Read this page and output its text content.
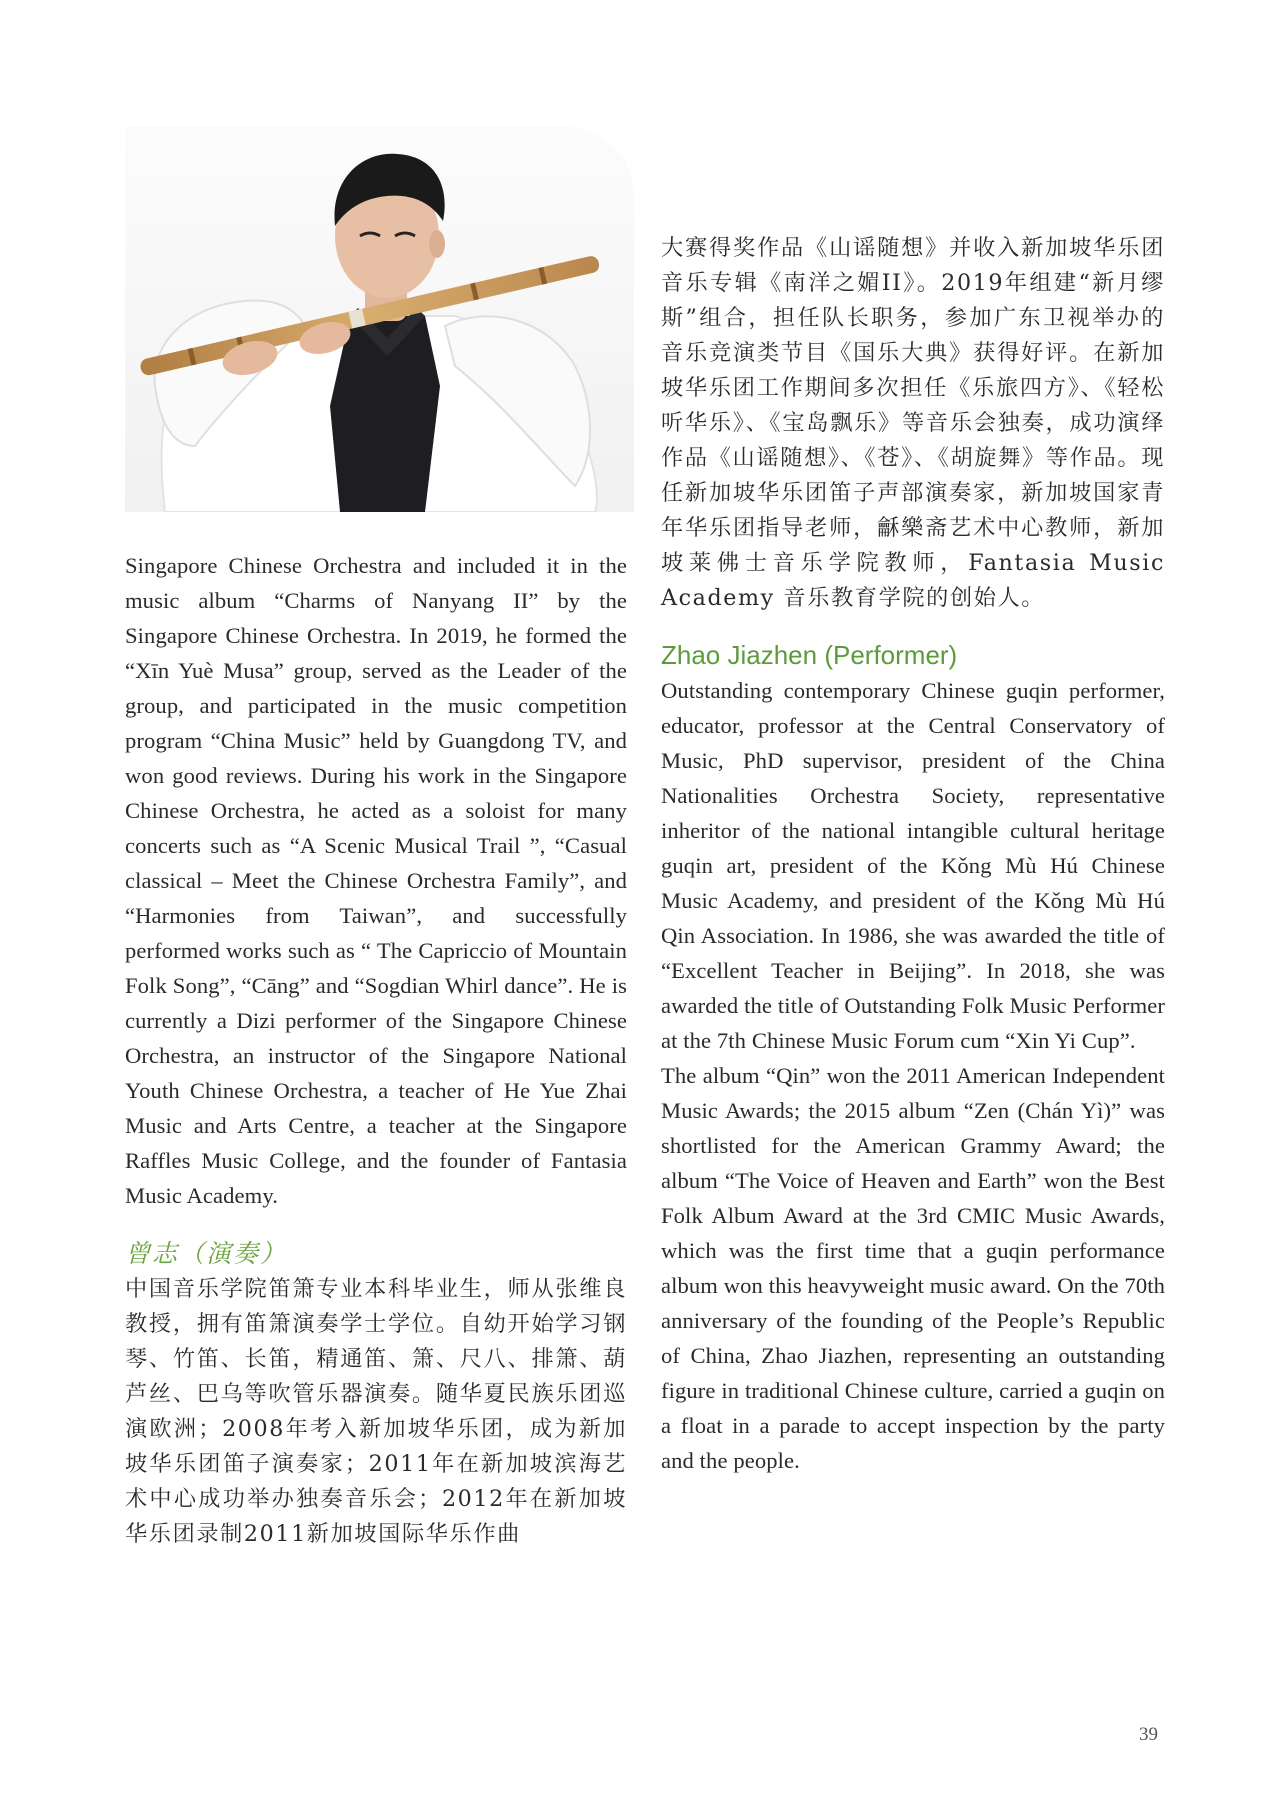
Singapore Chinese Orchestra and included it in the music album “Charms of Nanyang II” by the Singapore Chinese Orchestra. In 2019, he formed the “Xīn Yuè Musa” group, served as the Leader of the group, and participated in the music competition program “China Music” held by Guangdong TV, and won good reviews. During his work in the Singapore Chinese Orchestra, he acted as a soloist for many concerts such as “A Scenic Musical Trail ”, “Casual classical – Meet the Chinese Orchestra Family”, and “Harmonies from Taiwan”, and successfully performed works such as “ The Capriccio of Mountain Folk Song”, “Cāng” and “Sogdian Whirl dance”. He is currently a Dizi performer of the Singapore Chinese Orchestra, an instructor of the Singapore National Youth Chinese Orchestra, a teacher of He Yue Zhai Music and Arts Centre, a teacher at the Singapore Raffles Music College, and the founder of Fantasia Music Academy.

曾志（演奏）

中国音乐学院笛箫专业本科毕业生，师从张维良教授，拥有笛箫演奏学士学位。自幼开始学习钢琴、竹笛、长笛，精通笛、箫、尺八、排箫、葫芦丝、巴乌等吹管乐器演奏。随华夏民族乐团巡演欧洲；2008年考入新加坡华乐团，成为新加坡华乐团笛子演奏家；2011年在新加坡滨海艺术中心成功举办独奏音乐会；2012年在新加坡华乐团录制2011新加坡国际华乐作曲

大赛得奖作品《山谣随想》并收入新加坡华乐团音乐专辑《南洋之媚II》。2019年组建“新月缪斯”组合，担任队长职务，参加广东卫视举办的音乐竞演类节目《国乐大典》获得好评。在新加坡华乐团工作期间多次担任《乐旅四方》、《轻松听华乐》、《宝岛飘乐》等音乐会独奏，成功演绎作品《山谣随想》、《苍》、《胡旋舞》等作品。现任新加坡华乐团笛子声部演奏家，新加坡国家青年华乐团指导老师，龢樂斋艺术中心教师，新加坡莱佛士音乐学院教师，Fantasia Music Academy 音乐教育学院的创始人。

Zhao Jiazhen (Performer)

Outstanding contemporary Chinese guqin performer, educator, professor at the Central Conservatory of Music, PhD supervisor, president of the China Nationalities Orchestra Society, representative inheritor of the national intangible cultural heritage guqin art, president of the Kǒng Mù Hú Chinese Music Academy, and president of the Kǒng Mù Hú Qin Association. In 1986, she was awarded the title of “Excellent Teacher in Beijing”. In 2018, she was awarded the title of Outstanding Folk Music Performer at the 7th Chinese Music Forum cum “Xin Yi Cup”.

The album “Qin” won the 2011 American Independent Music Awards; the 2015 album “Zen (Chán Yì)” was shortlisted for the American Grammy Award; the album “The Voice of Heaven and Earth” won the Best Folk Album Award at the 3rd CMIC Music Awards, which was the first time that a guqin performance album won this heavyweight music award. On the 70th anniversary of the founding of the People’s Republic of China, Zhao Jiazhen, representing an outstanding figure in traditional Chinese culture, carried a guqin on a float in a parade to accept inspection by the party and the people.

39
